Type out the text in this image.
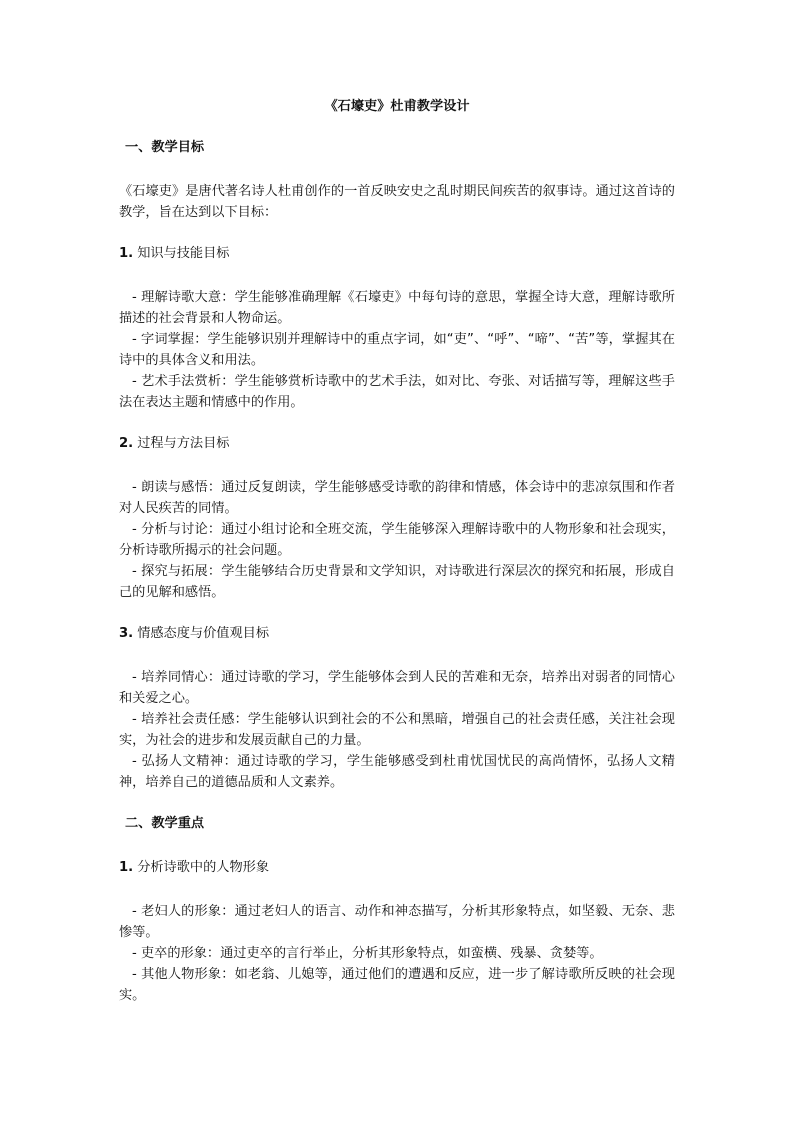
《石壕吏》杜甫教学设计
一、教学目标
《石壕吏》是唐代著名诗人杜甫创作的一首反映安史之乱时期民间疾苦的叙事诗。通过这首诗的教学，旨在达到以下目标：
1. 知识与技能目标

- 理解诗歌大意：学生能够准确理解《石壕吏》中每句诗的意思，掌握全诗大意，理解诗歌所描述的社会背景和人物命运。

- 字词掌握：学生能够识别并理解诗中的重点字词，如“吏”、“呼”、“啼”、“苦”等，掌握其在诗中的具体含义和用法。

- 艺术手法赏析：学生能够赏析诗歌中的艺术手法，如对比、夸张、对话描写等，理解这些手法在表达主题和情感中的作用。

2. 过程与方法目标

- 朗读与感悟：通过反复朗读，学生能够感受诗歌的韵律和情感，体会诗中的悲凉氛围和作者对人民疾苦的同情。

- 分析与讨论：通过小组讨论和全班交流，学生能够深入理解诗歌中的人物形象和社会现实，分析诗歌所揭示的社会问题。

- 探究与拓展：学生能够结合历史背景和文学知识，对诗歌进行深层次的探究和拓展，形成自己的见解和感悟。

3. 情感态度与价值观目标

- 培养同情心：通过诗歌的学习，学生能够体会到人民的苦难和无奈，培养出对弱者的同情心和关爱之心。

- 培养社会责任感：学生能够认识到社会的不公和黑暗，增强自己的社会责任感，关注社会现实，为社会的进步和发展贡献自己的力量。

- 弘扬人文精神：通过诗歌的学习，学生能够感受到杜甫忧国忧民的高尚情怀，弘扬人文精神，培养自己的道德品质和人文素养。

二、教学重点
1. 分析诗歌中的人物形象

- 老妇人的形象：通过老妇人的语言、动作和神态描写，分析其形象特点，如坚毅、无奈、悲惨等。

- 吏卒的形象：通过吏卒的言行举止，分析其形象特点，如蛮横、残暴、贪婪等。

- 其他人物形象：如老翁、儿媳等，通过他们的遭遇和反应，进一步了解诗歌所反映的社会现实。
